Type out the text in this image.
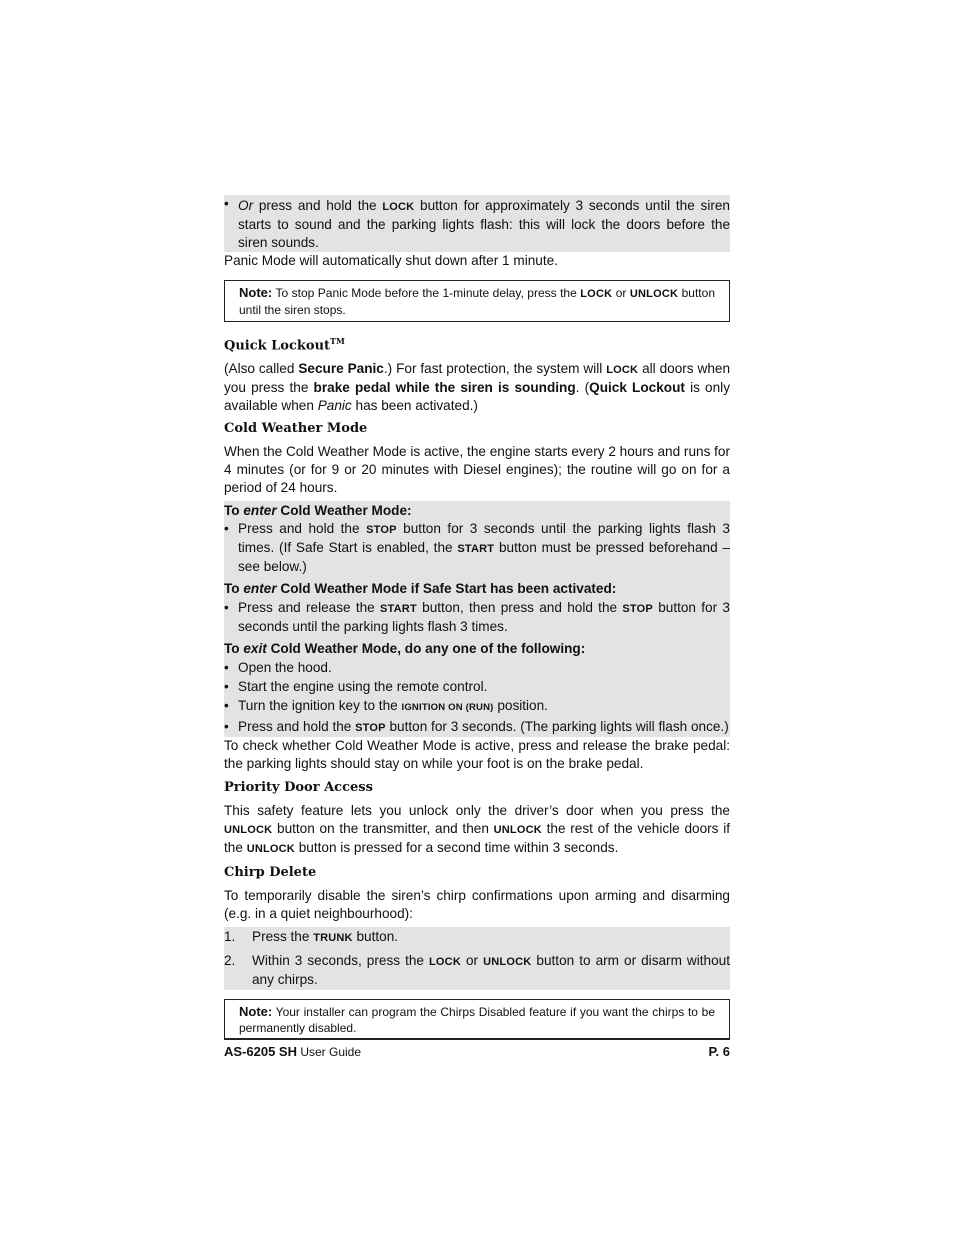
• Or press and hold the LOCK button for approximately 3 seconds until the siren starts to sound and the parking lights flash: this will lock the doors before the siren sounds.

Panic Mode will automatically shut down after 1 minute.

Note: To stop Panic Mode before the 1-minute delay, press the LOCK or UNLOCK button until the siren stops.
Quick Lockout™

(Also called Secure Panic.) For fast protection, the system will LOCK all doors when you press the brake pedal while the siren is sounding. (Quick Lockout is only available when Panic has been activated.)

Cold Weather Mode

When the Cold Weather Mode is active, the engine starts every 2 hours and runs for 4 minutes (or for 9 or 20 minutes with Diesel engines); the routine will go on for a period of 24 hours.

To enter Cold Weather Mode:
• Press and hold the STOP button for 3 seconds until the parking lights flash 3 times. (If Safe Start is enabled, the START button must be pressed beforehand – see below.)
To enter Cold Weather Mode if Safe Start has been activated:
• Press and release the START button, then press and hold the STOP button for 3 seconds until the parking lights flash 3 times.
To exit Cold Weather Mode, do any one of the following:
• Open the hood.
• Start the engine using the remote control.
• Turn the ignition key to the IGNITION ON (RUN) position.
• Press and hold the STOP button for 3 seconds. (The parking lights will flash once.)

To check whether Cold Weather Mode is active, press and release the brake pedal: the parking lights should stay on while your foot is on the brake pedal.

Priority Door Access

This safety feature lets you unlock only the driver’s door when you press the UNLOCK button on the transmitter, and then UNLOCK the rest of the vehicle doors if the UNLOCK button is pressed for a second time within 3 seconds.

Chirp Delete

To temporarily disable the siren’s chirp confirmations upon arming and disarming (e.g. in a quiet neighbourhood):

1. Press the TRUNK button.
2. Within 3 seconds, press the LOCK or UNLOCK button to arm or disarm without any chirps.
Note: Your installer can program the Chirps Disabled feature if you want the chirps to be permanently disabled.
AS-6205 SH User Guide	P. 6
